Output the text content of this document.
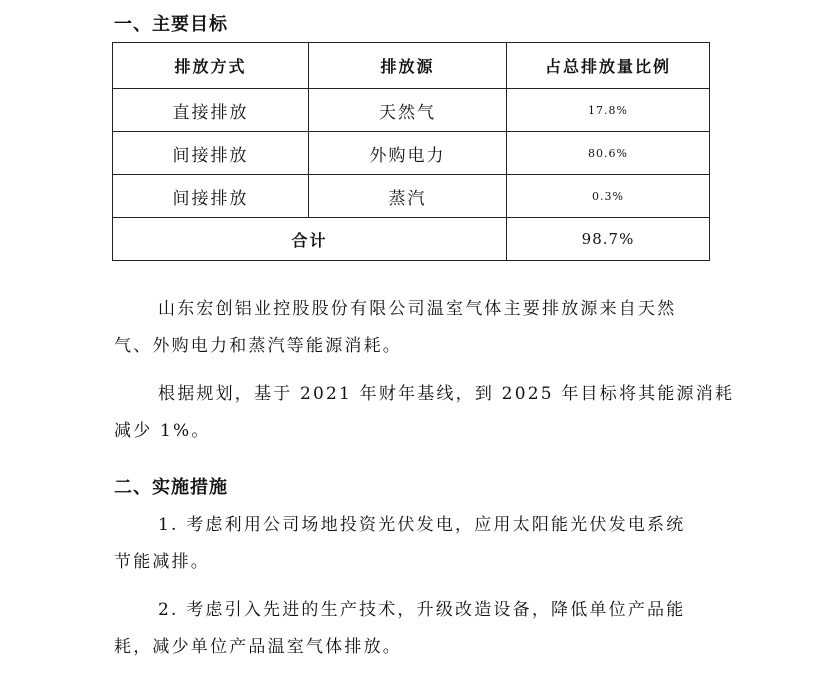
一、主要目标
排放方式	排放源	占总排放量比例
直接排放	天然气	17.8%
间接排放	外购电力	80.6%
间接排放	蒸汽	0.3%
合计		98.7%
山东宏创铝业控股股份有限公司温室气体主要排放源来自天然
气、外购电力和蒸汽等能源消耗。
根据规划，基于 2021 年财年基线，到 2025 年目标将其能源消耗
减少 1%。
二、实施措施
1. 考虑利用公司场地投资光伏发电，应用太阳能光伏发电系统
节能减排。
2. 考虑引入先进的生产技术，升级改造设备，降低单位产品能
耗，减少单位产品温室气体排放。
